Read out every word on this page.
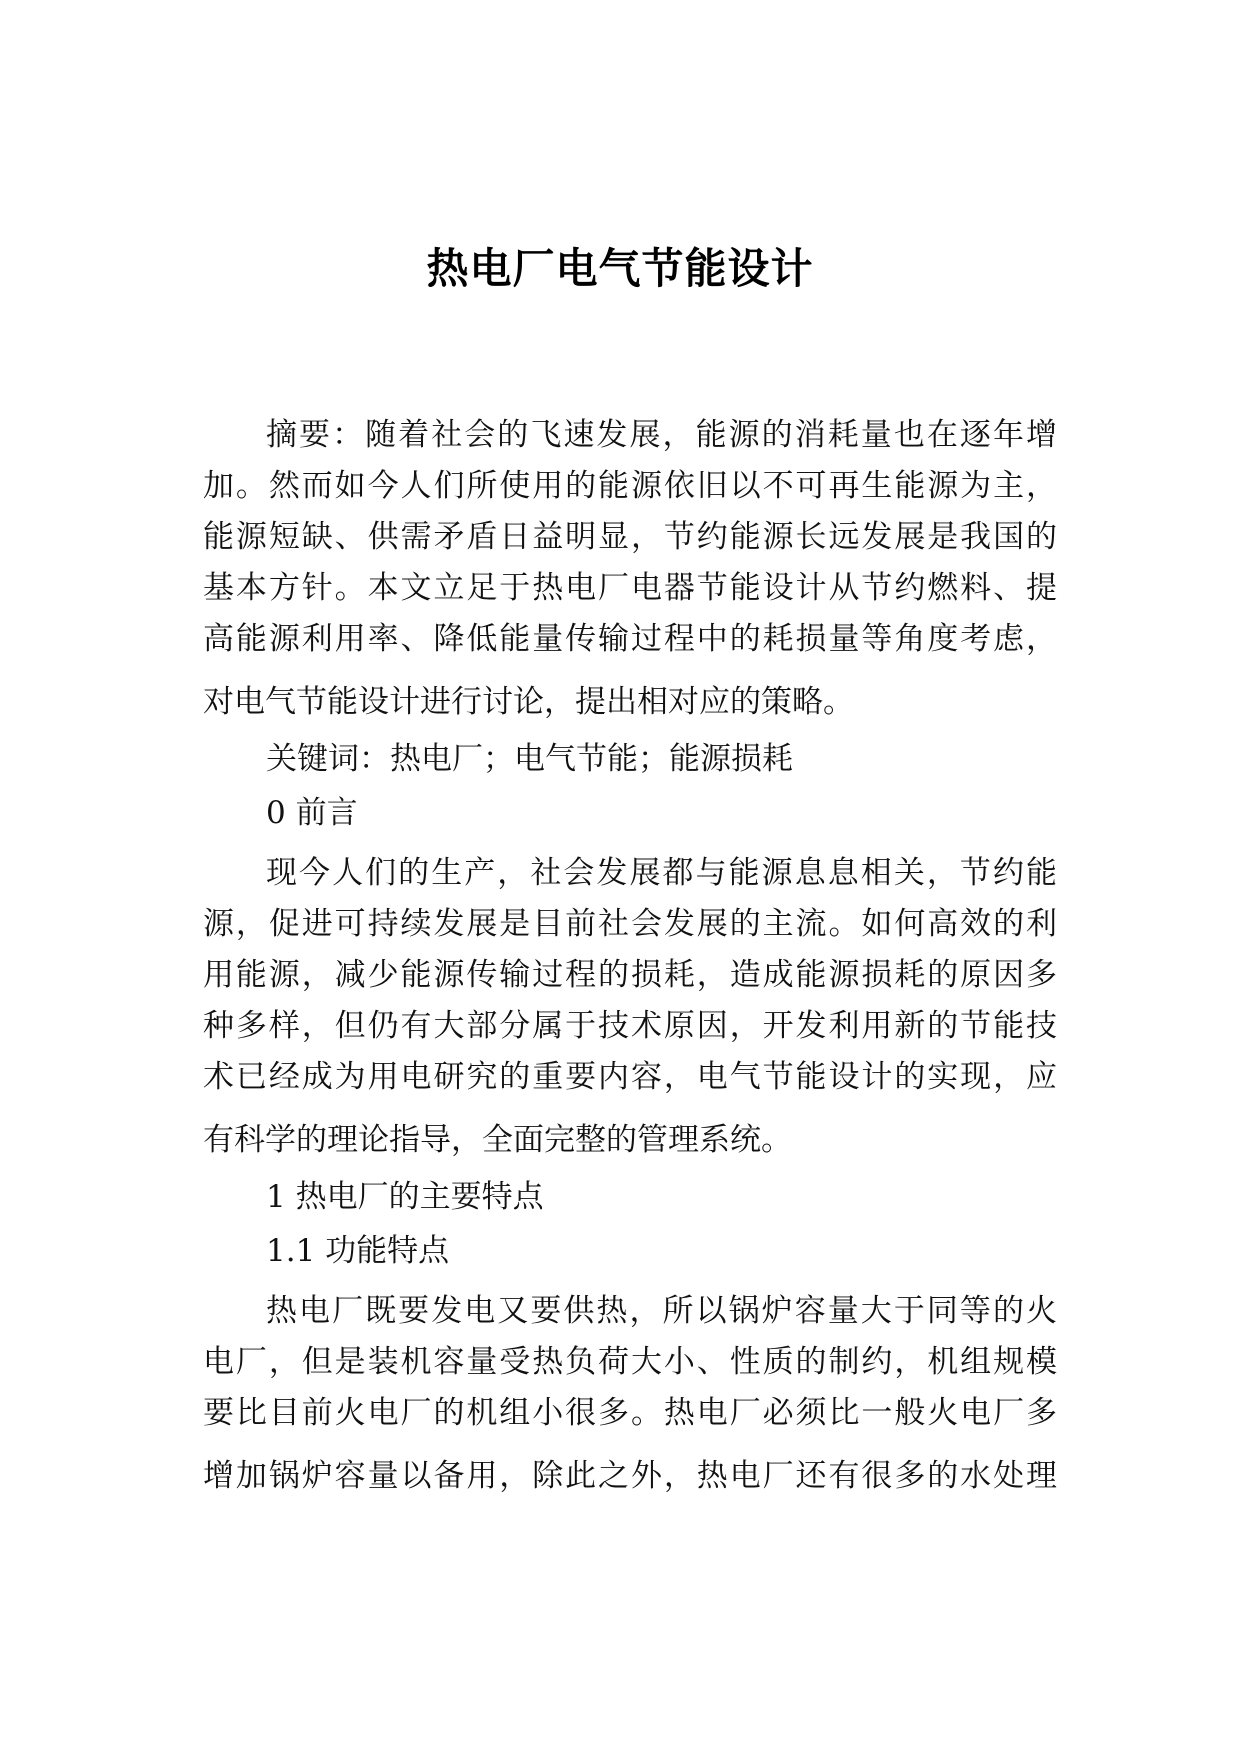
热电厂电气节能设计
摘要：随着社会的飞速发展，能源的消耗量也在逐年增
加。然而如今人们所使用的能源依旧以不可再生能源为主，
能源短缺、供需矛盾日益明显，节约能源长远发展是我国的
基本方针。本文立足于热电厂电器节能设计从节约燃料、提
高能源利用率、降低能量传输过程中的耗损量等角度考虑，
对电气节能设计进行讨论，提出相对应的策略。
关键词：热电厂；电气节能；能源损耗
0 前言
现今人们的生产，社会发展都与能源息息相关，节约能
源，促进可持续发展是目前社会发展的主流。如何高效的利
用能源，减少能源传输过程的损耗，造成能源损耗的原因多
种多样，但仍有大部分属于技术原因，开发利用新的节能技
术已经成为用电研究的重要内容，电气节能设计的实现，应
有科学的理论指导，全面完整的管理系统。
1 热电厂的主要特点
1.1 功能特点
热电厂既要发电又要供热，所以锅炉容量大于同等的火
电厂，但是装机容量受热负荷大小、性质的制约，机组规模
要比目前火电厂的机组小很多。热电厂必须比一般火电厂多
增加锅炉容量以备用，除此之外，热电厂还有很多的水处理
